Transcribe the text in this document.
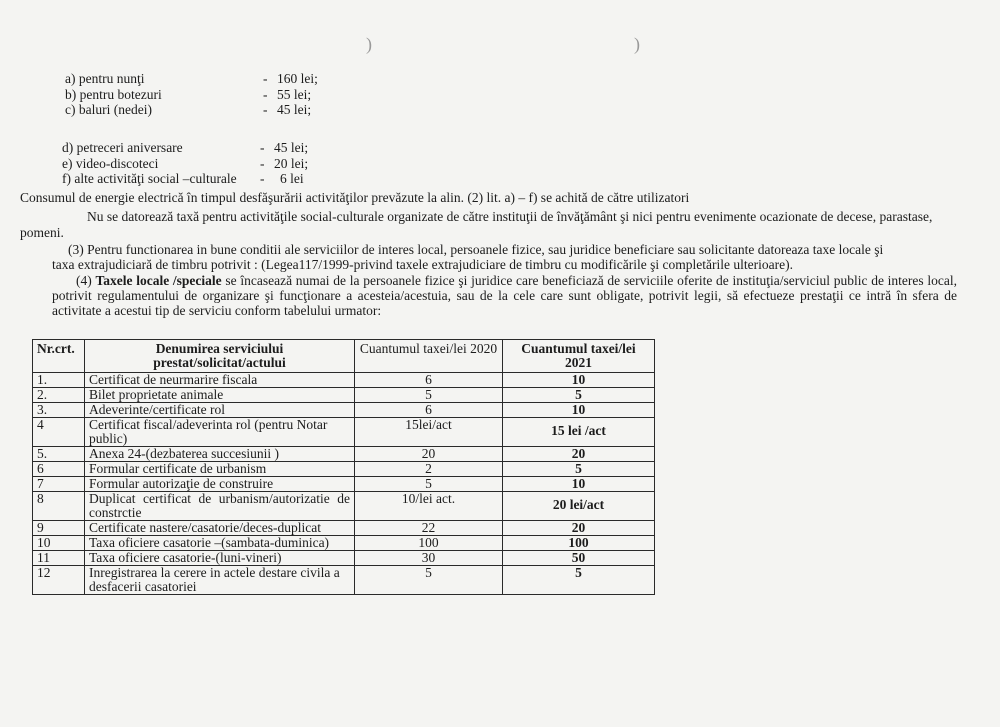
)	)
a) pentru nunţi	- 160 lei;
b) pentru botezuri	- 55 lei;
c) baluri (nedei)	- 45 lei;
d) petreceri aniversare	- 45 lei;
e) video-discoteci	- 20 lei;
f) alte activităţi social –culturale - 6 lei
Consumul de energie electrică în timpul desfăşurării activităţilor prevăzute la alin. (2) lit. a) – f) se achită de către utilizatori
Nu se datorează taxă pentru activităţile social-culturale organizate de către instituţii de învăţământ şi nici pentru evenimente ocazionate de decese, parastase,
pomeni.
(3) Pentru functionarea in bune conditii ale serviciilor de interes local, persoanele fizice, sau juridice beneficiare sau solicitante datoreaza taxe locale şi
taxa extrajudiciară de timbru potrivit : (Legea117/1999-privind taxele extrajudiciare de timbru cu modificările şi completările ulterioare).
(4) Taxele locale /speciale se încasează numai de la persoanele fizice şi juridice care beneficiază de serviciile oferite de instituţia/serviciul public de interes local, potrivit regulamentului de organizare şi funcţionare a acesteia/acestuia, sau de la cele care sunt obligate, potrivit legii, să efectueze prestaţii ce intră în sfera de activitate a acestui tip de serviciu conform tabelului urmator:
Nr.crt.	Denumirea serviciului prestat/solicitat/actului	Cuantumul taxei/lei 2020	Cuantumul taxei/lei 2021
1.	Certificat de neurmarire fiscala	6	10
2.	Bilet proprietate animale	5	5
3.	Adeverinte/certificate rol	6	10
4	Certificat fiscal/adeverinta rol (pentru Notar public)	15lei/act	15 lei /act
5.	Anexa 24-(dezbaterea succesiunii )	20	20
6	Formular certificate de urbanism	2	5
7	Formular autorizaţie de construire	5	10
8	Duplicat certificat de urbanism/autorizatie de constrctie	10/lei act.	20 lei/act
9	Certificate nastere/casatorie/deces-duplicat	22	20
10	Taxa oficiere casatorie –(sambata-duminica)	100	100
11	Taxa oficiere casatorie-(luni-vineri)	30	50
12	Inregistrarea la cerere in actele destare civila a desfacerii casatoriei	5	5
